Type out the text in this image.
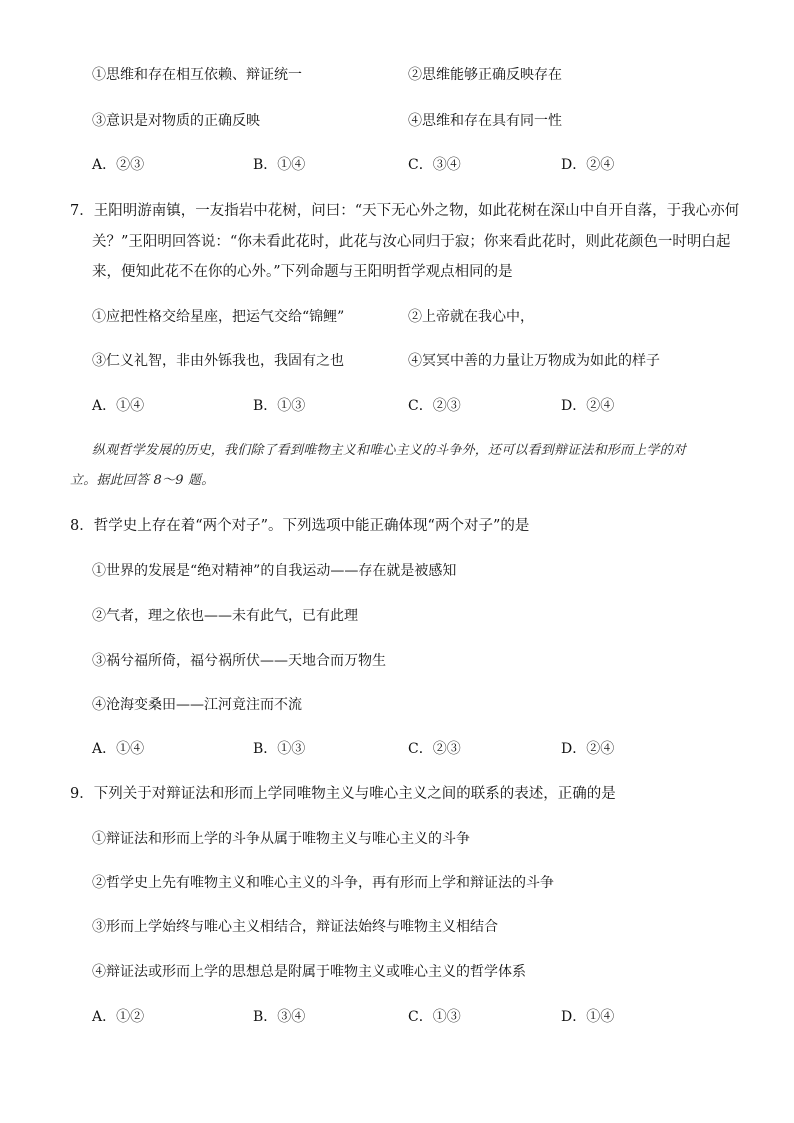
①思维和存在相互依赖、辩证统一	②思维能够正确反映存在
③意识是对物质的正确反映	④思维和存在具有同一性
A．②③	B．①④	C．③④	D．②④
7．王阳明游南镇，一友指岩中花树，问曰：“天下无心外之物，如此花树在深山中自开自落，于我心亦何
关？”王阳明回答说：“你未看此花时，此花与汝心同归于寂；你来看此花时，则此花颜色一时明白起
来，便知此花不在你的心外。”下列命题与王阳明哲学观点相同的是
①应把性格交给星座，把运气交给“锦鲤”	②上帝就在我心中，
③仁义礼智，非由外铄我也，我固有之也	④冥冥中善的力量让万物成为如此的样子
A．①④	B．①③	C．②③	D．②④
纵观哲学发展的历史，我们除了看到唯物主义和唯心主义的斗争外，还可以看到辩证法和形而上学的对
立。据此回答 8～9 题。
8．哲学史上存在着“两个对子”。下列选项中能正确体现“两个对子”的是
①世界的发展是“绝对精神”的自我运动——存在就是被感知
②气者，理之依也——未有此气，已有此理
③祸兮福所倚，福兮祸所伏——天地合而万物生
④沧海变桑田——江河竟注而不流
A．①④	B．①③	C．②③	D．②④
9．下列关于对辩证法和形而上学同唯物主义与唯心主义之间的联系的表述，正确的是
①辩证法和形而上学的斗争从属于唯物主义与唯心主义的斗争
②哲学史上先有唯物主义和唯心主义的斗争，再有形而上学和辩证法的斗争
③形而上学始终与唯心主义相结合，辩证法始终与唯物主义相结合
④辩证法或形而上学的思想总是附属于唯物主义或唯心主义的哲学体系
A．①②	B．③④	C．①③	D．①④
